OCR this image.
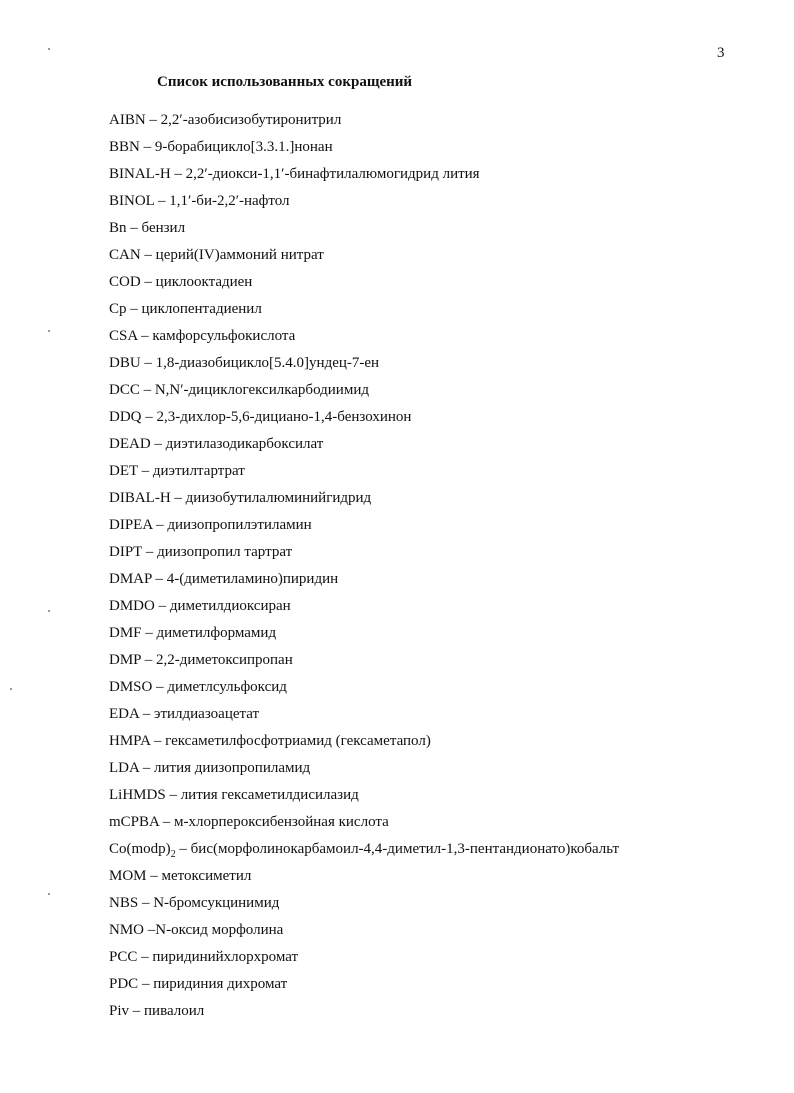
3
Список использованных сокращений
AIBN – 2,2′-азобисизобутиронитрил
BBN – 9-борабицикло[3.3.1.]нонан
BINAL-H – 2,2′-диокси-1,1′-бинафтилалюмогидрид лития
BINOL – 1,1′-би-2,2′-нафтол
Bn – бензил
CAN – церий(IV)аммоний нитрат
COD – циклооктадиен
Cp – циклопентадиенил
CSA – камфорсульфокислота
DBU – 1,8-диазобицикло[5.4.0]ундец-7-ен
DCC – N,N′-дициклогексилкарбодиимид
DDQ – 2,3-дихлор-5,6-дициано-1,4-бензохинон
DEAD – диэтилазодикарбоксилат
DET – диэтилтартрат
DIBAL-H – диизобутилалюминийгидрид
DIPEA – диизопропилэтиламин
DIPT – диизопропил тартрат
DMAP – 4-(диметиламино)пиридин
DMDO – диметилдиоксиран
DMF – диметилформамид
DMP – 2,2-диметоксипропан
DMSO – диметлсульфоксид
EDA – этилдиазоацетат
HMPA – гексаметилфосфотриамид (гексаметапол)
LDA – лития диизопропиламид
LiHMDS – лития гексаметилдисилазид
mCPBA – м-хлорпероксибензойная кислота
$Co(modp)_2$ – бис(морфолинокарбамоил-4,4-диметил-1,3-пентандионато)кобальт
MOM – метоксиметил
NBS – N-бромсукцинимид
NMO –N-оксид морфолина
PCC – пиридинийхлорхромат
PDC – пиридиния дихромат
Piv – пивалоил
